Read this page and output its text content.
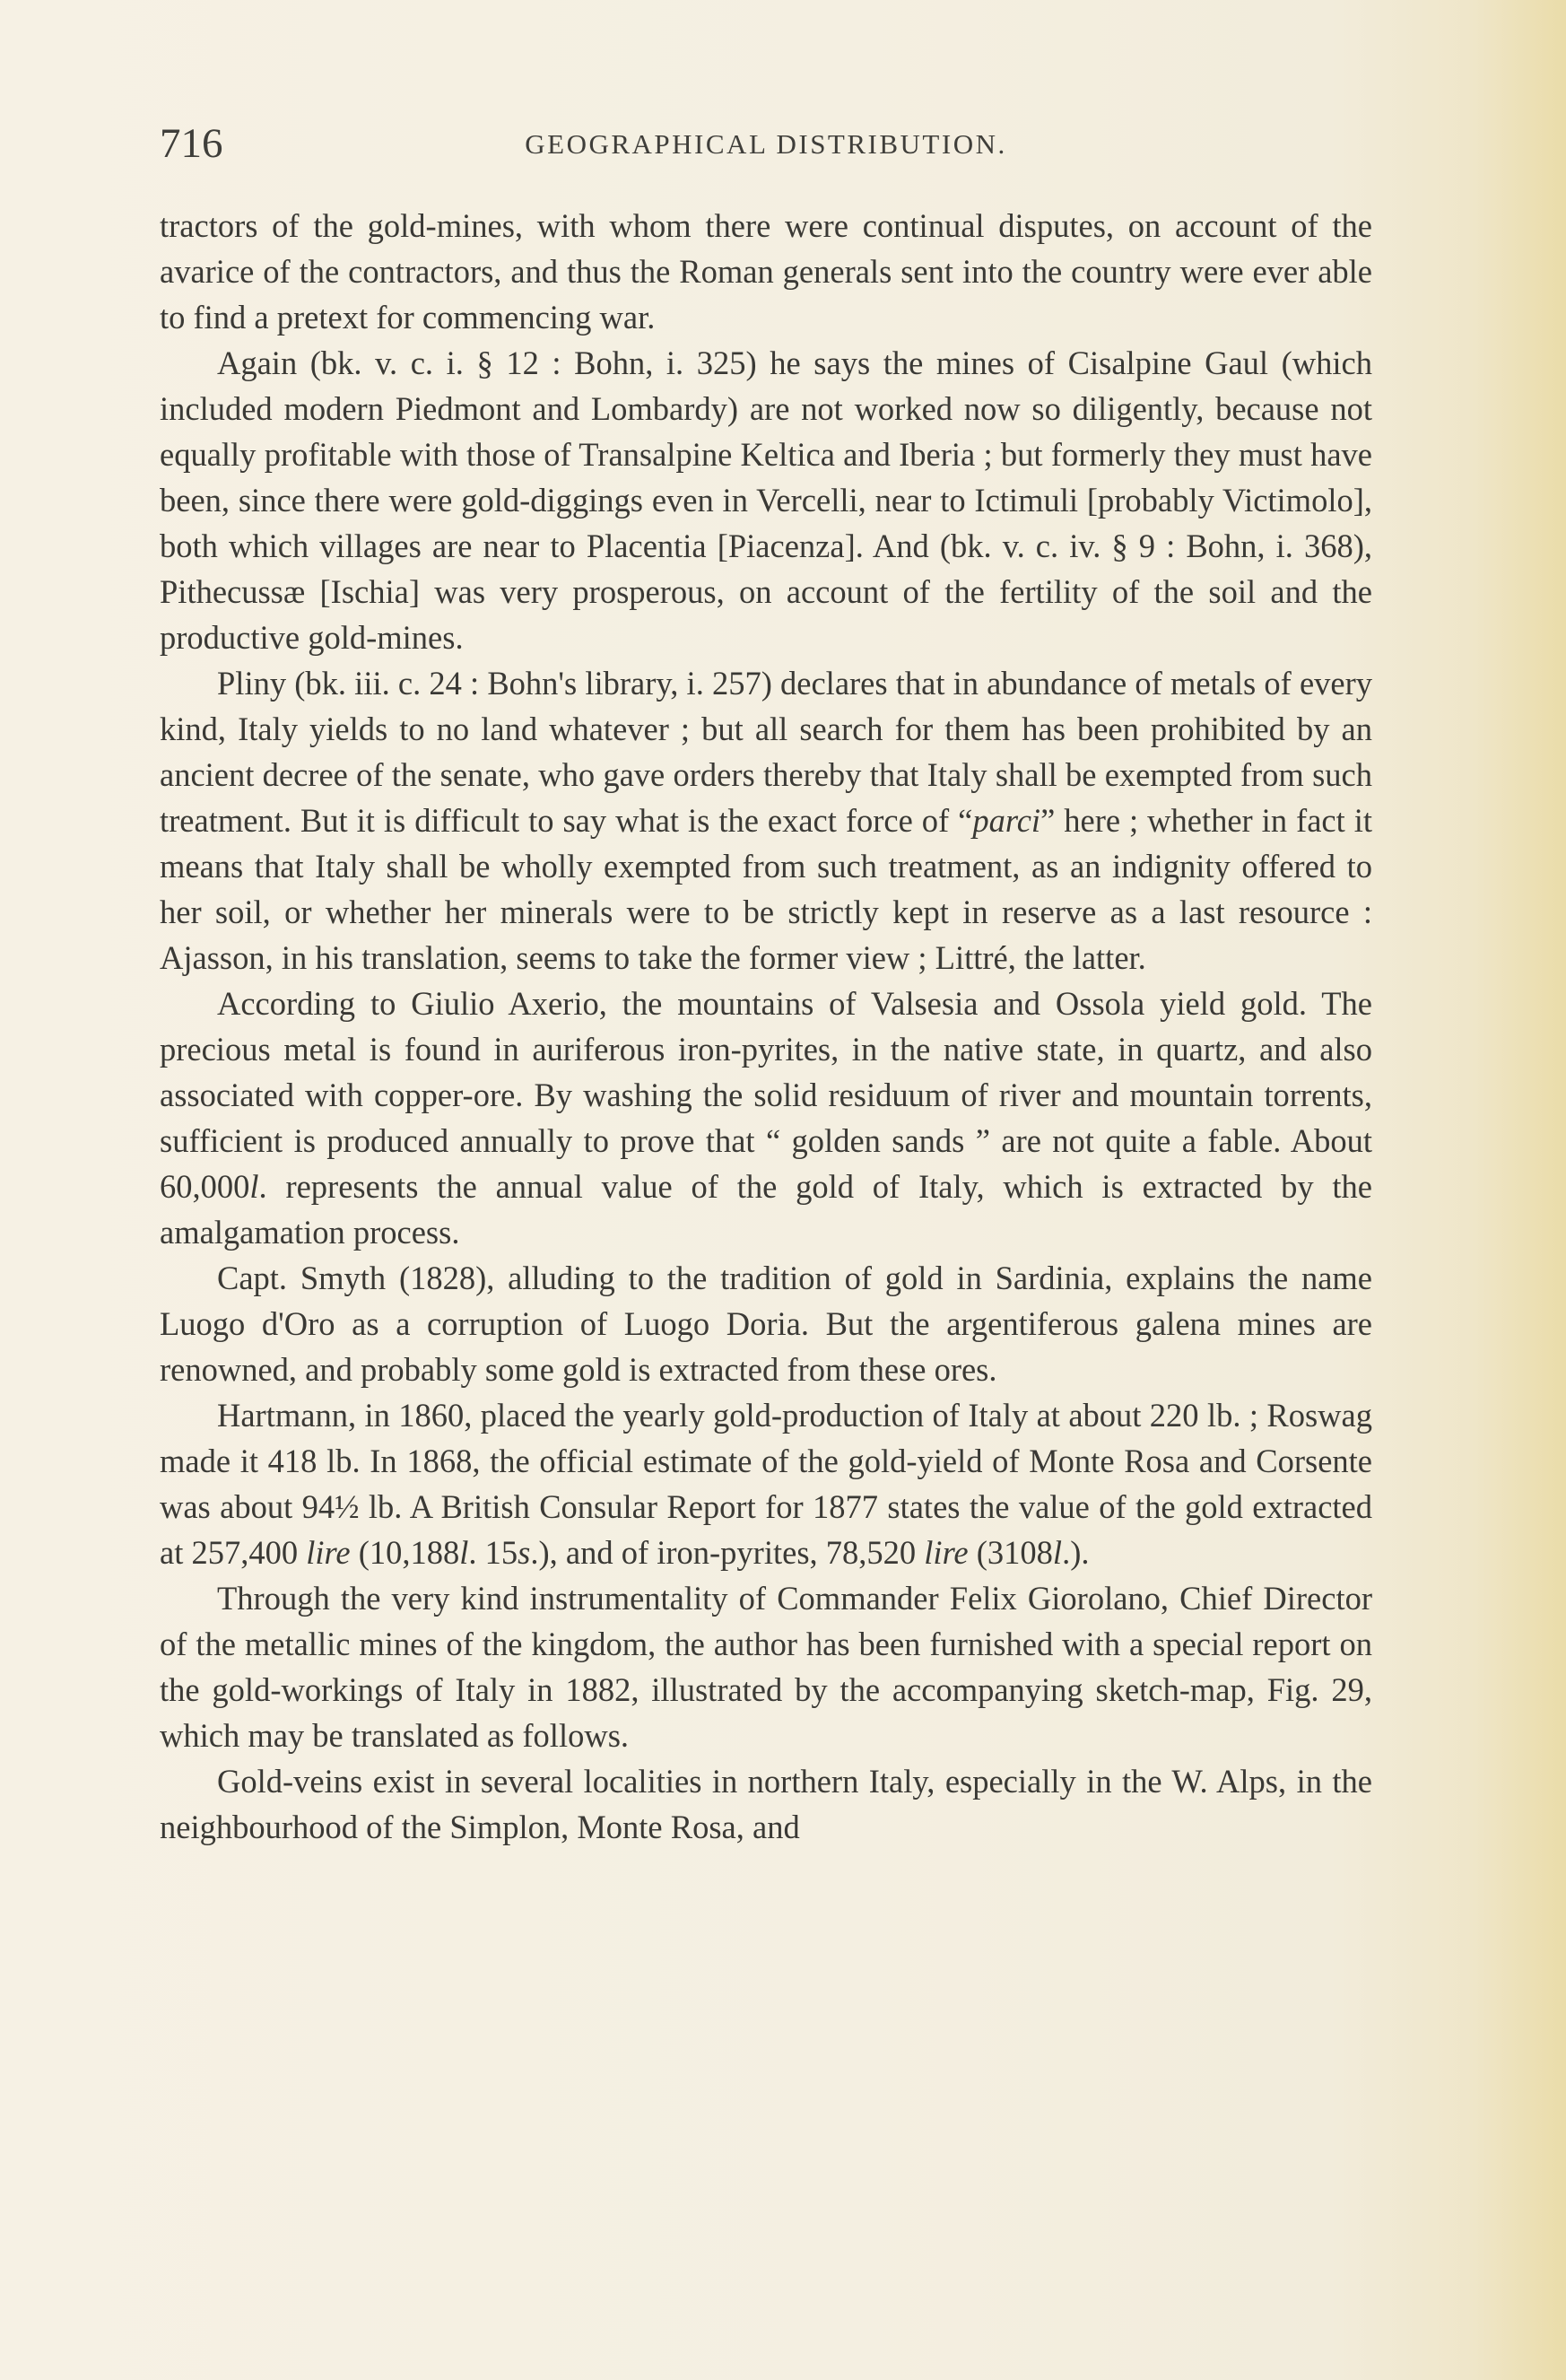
716	GEOGRAPHICAL DISTRIBUTION.

tractors of the gold-mines, with whom there were continual disputes, on account of the avarice of the contractors, and thus the Roman generals sent into the country were ever able to find a pretext for commencing war.

Again (bk. v. c. i. § 12 : Bohn, i. 325) he says the mines of Cisalpine Gaul (which included modern Piedmont and Lombardy) are not worked now so diligently, because not equally profitable with those of Transalpine Keltica and Iberia ; but formerly they must have been, since there were gold-diggings even in Vercelli, near to Ictimuli [probably Victimolo], both which villages are near to Placentia [Piacenza]. And (bk. v. c. iv. § 9 : Bohn, i. 368), Pithecussæ [Ischia] was very prosperous, on account of the fertility of the soil and the productive gold-mines.

Pliny (bk. iii. c. 24 : Bohn's library, i. 257) declares that in abundance of metals of every kind, Italy yields to no land whatever ; but all search for them has been prohibited by an ancient decree of the senate, who gave orders thereby that Italy shall be exempted from such treatment. But it is difficult to say what is the exact force of “parci” here ; whether in fact it means that Italy shall be wholly exempted from such treatment, as an indignity offered to her soil, or whether her minerals were to be strictly kept in reserve as a last resource : Ajasson, in his translation, seems to take the former view ; Littré, the latter.

According to Giulio Axerio, the mountains of Valsesia and Ossola yield gold. The precious metal is found in auriferous iron-pyrites, in the native state, in quartz, and also associated with copper-ore. By washing the solid residuum of river and mountain torrents, sufficient is produced annually to prove that “ golden sands ” are not quite a fable. About 60,000l. represents the annual value of the gold of Italy, which is extracted by the amalgamation process.

Capt. Smyth (1828), alluding to the tradition of gold in Sardinia, explains the name Luogo d'Oro as a corruption of Luogo Doria. But the argentiferous galena mines are renowned, and probably some gold is extracted from these ores.

Hartmann, in 1860, placed the yearly gold-production of Italy at about 220 lb. ; Roswag made it 418 lb. In 1868, the official estimate of the gold-yield of Monte Rosa and Corsente was about 94½ lb. A British Consular Report for 1877 states the value of the gold extracted at 257,400 lire (10,188l. 15s.), and of iron-pyrites, 78,520 lire (3108l.).

Through the very kind instrumentality of Commander Felix Giorolano, Chief Director of the metallic mines of the kingdom, the author has been furnished with a special report on the gold-workings of Italy in 1882, illustrated by the accompanying sketch-map, Fig. 29, which may be translated as follows.

Gold-veins exist in several localities in northern Italy, especially in the W. Alps, in the neighbourhood of the Simplon, Monte Rosa, and
